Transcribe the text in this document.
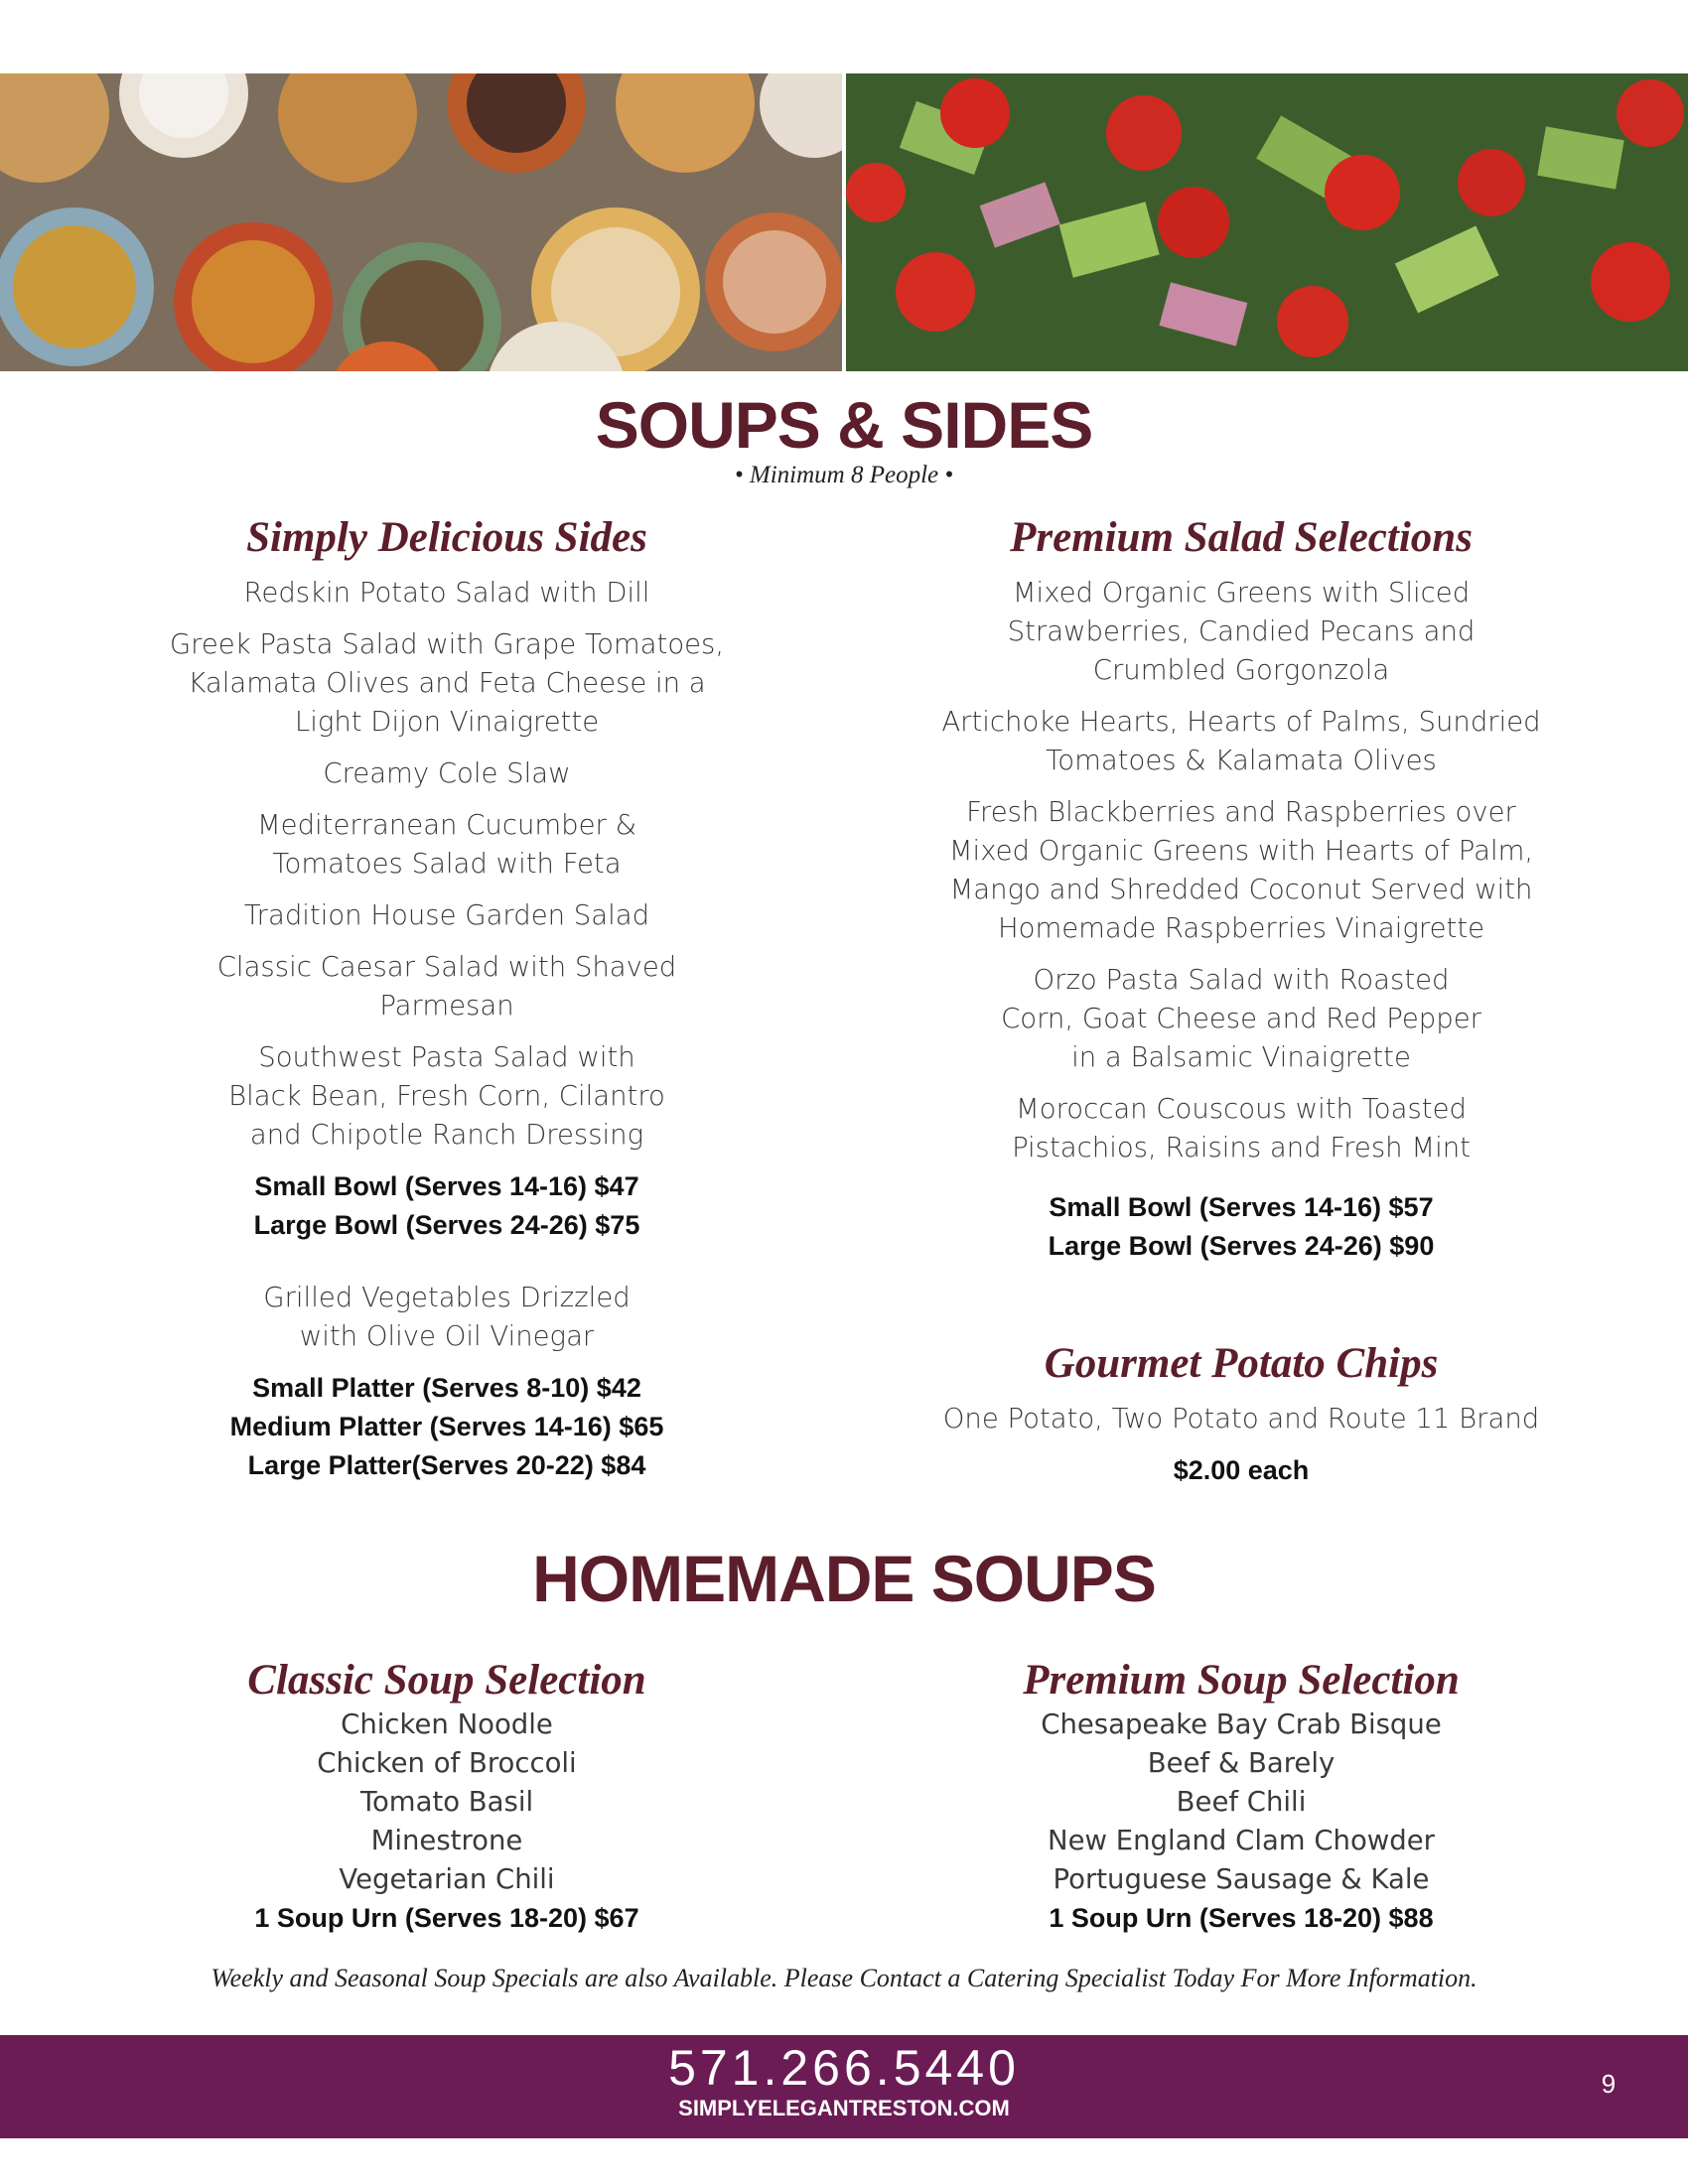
SOUPS & SIDES
• Minimum 8 People •
Simply Delicious Sides

Redskin Potato Salad with Dill

Greek Pasta Salad with Grape Tomatoes, Kalamata Olives and Feta Cheese in a Light Dijon Vinaigrette

Creamy Cole Slaw

Mediterranean Cucumber & Tomatoes Salad with Feta

Tradition House Garden Salad

Classic Caesar Salad with Shaved Parmesan

Southwest Pasta Salad with Black Bean, Fresh Corn, Cilantro and Chipotle Ranch Dressing

Small Bowl (Serves 14-16) $47

Large Bowl (Serves 24-26) $75

Grilled Vegetables Drizzled with Olive Oil Vinegar

Small Platter (Serves 8-10) $42

Medium Platter (Serves 14-16) $65

Large Platter(Serves 20-22) $84

Premium Salad Selections

Mixed Organic Greens with Sliced Strawberries, Candied Pecans and Crumbled Gorgonzola

Artichoke Hearts, Hearts of Palms, Sundried Tomatoes & Kalamata Olives

Fresh Blackberries and Raspberries over Mixed Organic Greens with Hearts of Palm, Mango and Shredded Coconut Served with Homemade Raspberries Vinaigrette

Orzo Pasta Salad with Roasted Corn, Goat Cheese and Red Pepper in a Balsamic Vinaigrette

Moroccan Couscous with Toasted Pistachios, Raisins and Fresh Mint

Small Bowl (Serves 14-16) $57

Large Bowl (Serves 24-26) $90

Gourmet Potato Chips

One Potato, Two Potato and Route 11 Brand

$2.00 each

HOMEMADE SOUPS
Classic Soup Selection

Chicken Noodle

Chicken of Broccoli

Tomato Basil

Minestrone

Vegetarian Chili

1 Soup Urn (Serves 18-20) $67

Premium Soup Selection

Chesapeake Bay Crab Bisque

Beef & Barely

Beef Chili

New England Clam Chowder

Portuguese Sausage & Kale

1 Soup Urn (Serves 18-20) $88

Weekly and Seasonal Soup Specials are also Available. Please Contact a Catering Specialist Today For More Information.
571.266.5440
SIMPLYELEGANTRESTON.COM
9
